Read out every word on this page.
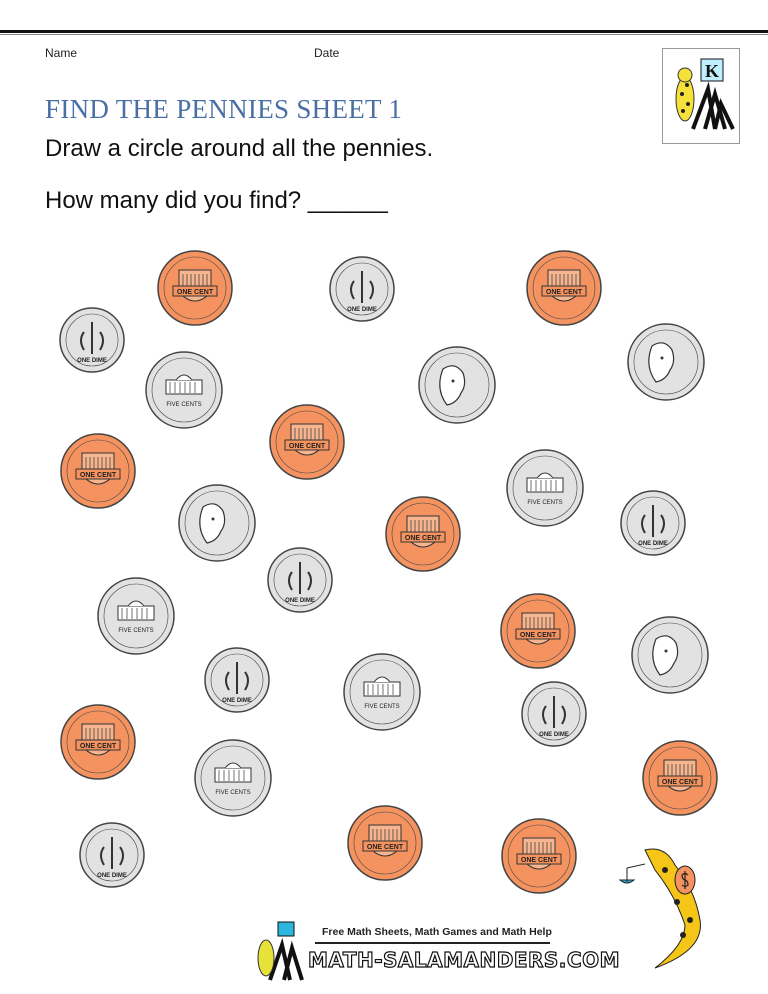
Name	Date
K
FIND THE PENNIES SHEET 1
Draw a circle around all the pennies.
How many did you find? ______
ONE CENT	ONE CENT
ONE CENT
ONE CENT
ONE CENT
ONE CENT
ONE CENT
ONE CENT
ONE CENT
ONE CENT
ONE DIME
ONE DIME
ONE DIME
ONE DIME
ONE DIME
ONE DIME
ONE DIME
FIVE CENTS
FIVE CENTS
FIVE CENTS
FIVE CENTS
FIVE CENTS
Free Math Sheets, Math Games and Math Help
MATH-SALAMANDERS.COM
